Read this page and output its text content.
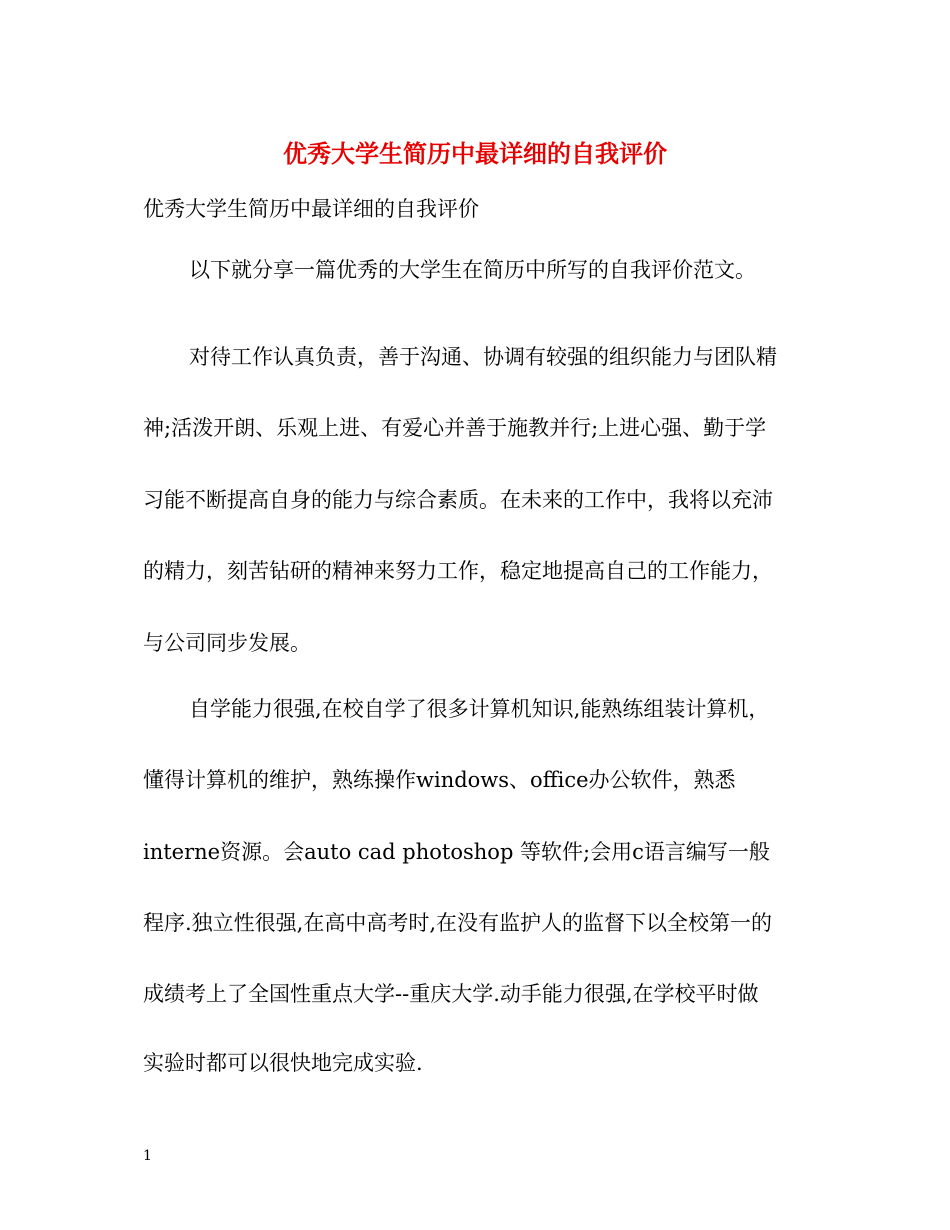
优秀大学生简历中最详细的自我评价
优秀大学生简历中最详细的自我评价
以下就分享一篇优秀的大学生在简历中所写的自我评价范文。
对待工作认真负责，善于沟通、协调有较强的组织能力与团队精
神;活泼开朗、乐观上进、有爱心并善于施教并行;上进心强、勤于学
习能不断提高自身的能力与综合素质。在未来的工作中，我将以充沛
的精力，刻苦钻研的精神来努力工作，稳定地提高自己的工作能力，
与公司同步发展。
自学能力很强,在校自学了很多计算机知识,能熟练组装计算机，
懂得计算机的维护，熟练操作windows、office办公软件，熟悉
interne资源。会auto cad photoshop 等软件;会用c语言编写一般
程序.独立性很强,在高中高考时,在没有监护人的监督下以全校第一的
成绩考上了全国性重点大学--重庆大学.动手能力很强,在学校平时做
实验时都可以很快地完成实验.
1
